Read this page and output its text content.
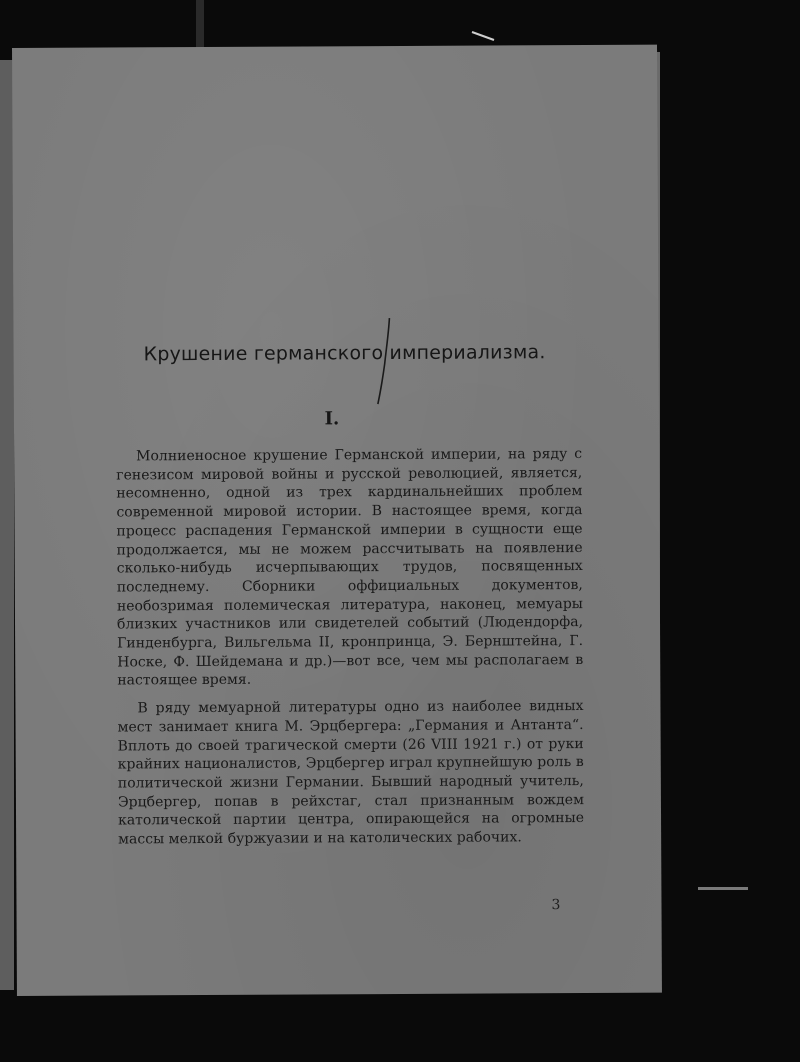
Крушение германского империализма.
I.

Молниеносное крушение Германской империи, на ряду с генезисом мировой войны и русской революцией, является, несомненно, одной из трех кардинальнейших проблем современной мировой истории. В настоящее время, когда процесс распадения Германской империи в сущности еще продолжается, мы не можем рассчитывать на появление сколько-нибудь исчерпывающих трудов, посвященных последнему. Сборники оффициальных документов, необозримая полемическая литература, наконец, мемуары близких участников или свидетелей событий (Людендорфа, Гинденбурга, Вильгельма II, кронпринца, Э. Бернштейна, Г. Носке, Ф. Шейдемана и др.)—вот все, чем мы располагаем в настоящее время.

В ряду мемуарной литературы одно из наиболее видных мест занимает книга М. Эрцбергера: „Германия и Антанта“. Вплоть до своей трагической смерти (26 VIII 1921 г.) от руки крайних националистов, Эрцбергер играл крупнейшую роль в политической жизни Германии. Бывший народный учитель, Эрцбергер, попав в рейхстаг, стал признанным вождем католической партии центра, опирающейся на огромные массы мелкой буржуазии и на католических рабочих.

3
